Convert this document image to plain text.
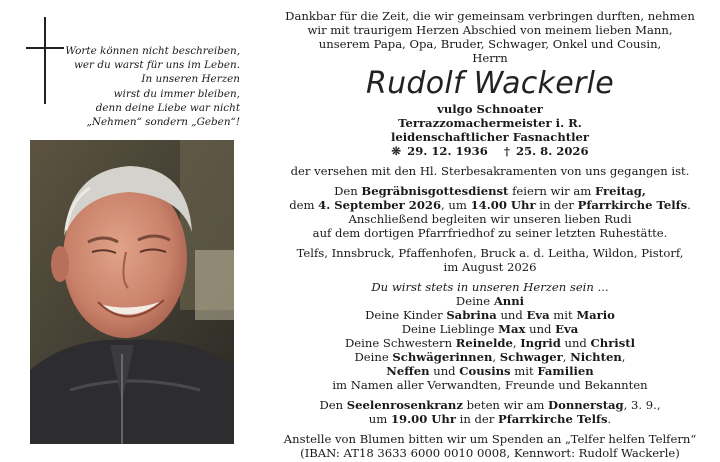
Worte können nicht beschreiben,
wer du warst für uns im Leben.
In unseren Herzen
wirst du immer bleiben,
denn deine Liebe war nicht
„Nehmen“ sondern „Geben“!
Dankbar für die Zeit, die wir gemeinsam verbringen durften, nehmen
wir mit traurigem Herzen Abschied von meinem lieben Mann,
unserem Papa, Opa, Bruder, Schwager, Onkel und Cousin,
Herrn
Rudolf Wackerle
vulgo Schnoater
Terrazzomachermeister i. R.
leidenschaftlicher Fasnachtler
❊ 29. 12. 1936 † 25. 8. 2026
der versehen mit den Hl. Sterbesakramenten von uns gegangen ist.
Den Begräbnisgottesdienst feiern wir am Freitag,
dem 4. September 2026, um 14.00 Uhr in der Pfarrkirche Telfs.
Anschließend begleiten wir unseren lieben Rudi
auf dem dortigen Pfarrfriedhof zu seiner letzten Ruhestätte.
Telfs, Innsbruck, Pfaffenhofen, Bruck a. d. Leitha, Wildon, Pistorf,
im August 2026
Du wirst stets in unseren Herzen sein ...
Deine Anni
Deine Kinder Sabrina und Eva mit Mario
Deine Lieblinge Max und Eva
Deine Schwestern Reinelde, Ingrid und Christl
Deine Schwägerinnen, Schwager, Nichten,
Neffen und Cousins mit Familien
im Namen aller Verwandten, Freunde und Bekannten
Den Seelenrosenkranz beten wir am Donnerstag, 3. 9.,
um 19.00 Uhr in der Pfarrkirche Telfs.
Anstelle von Blumen bitten wir um Spenden an „Telfer helfen Telfern“
(IBAN: AT18 3633 6000 0010 0008, Kennwort: Rudolf Wackerle)
